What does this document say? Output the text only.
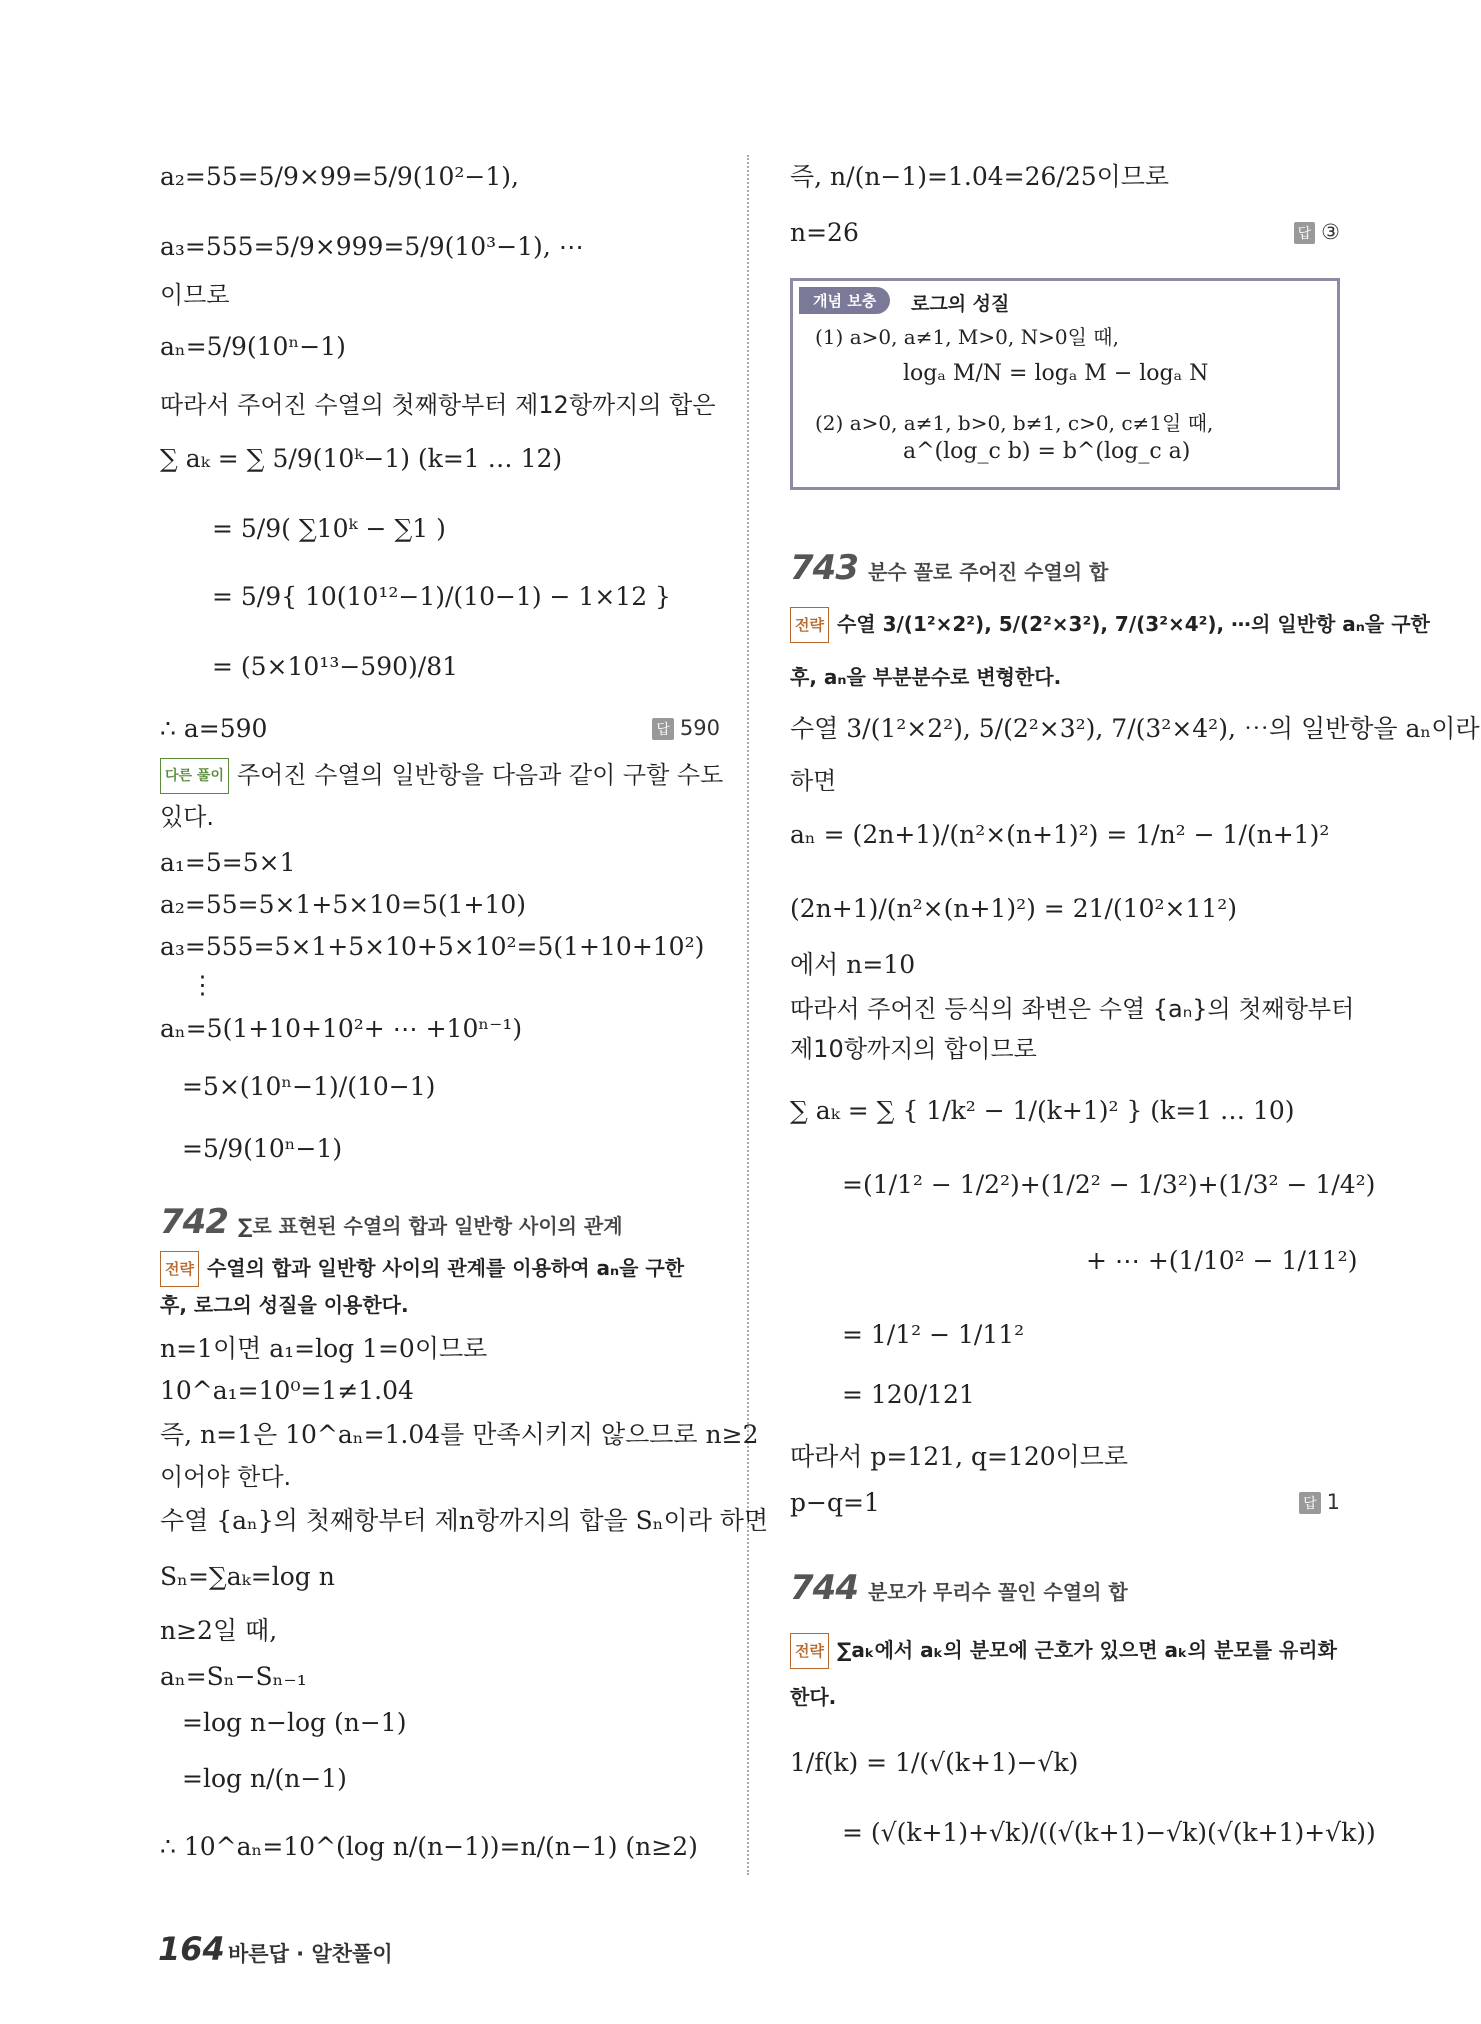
a₂=55=5/9×99=5/9(10²−1),
a₃=555=5/9×999=5/9(10³−1), ⋯
이므로
aₙ=5/9(10ⁿ−1)
따라서 주어진 수열의 첫째항부터 제12항까지의 합은
∑ aₖ = ∑ 5/9(10ᵏ−1) (k=1 … 12)
= 5/9( ∑10ᵏ − ∑1 )
= 5/9{ 10(10¹²−1)/(10−1) − 1×12 }
= (5×10¹³−590)/81
∴ a=590	답 590
다른 풀이 주어진 수열의 일반항을 다음과 같이 구할 수도
있다.
a₁=5=5×1
a₂=55=5×1+5×10=5(1+10)
a₃=555=5×1+5×10+5×10²=5(1+10+10²)
⋮
aₙ=5(1+10+10²+ ⋯ +10ⁿ⁻¹)
=5×(10ⁿ−1)/(10−1)
=5/9(10ⁿ−1)
742 ∑로 표현된 수열의 합과 일반항 사이의 관계
전략 수열의 합과 일반항 사이의 관계를 이용하여 aₙ을 구한
후, 로그의 성질을 이용한다.
n=1이면 a₁=log 1=0이므로
10^a₁=10⁰=1≠1.04
즉, n=1은 10^aₙ=1.04를 만족시키지 않으므로 n≥2
이어야 한다.
수열 {aₙ}의 첫째항부터 제n항까지의 합을 Sₙ이라 하면
Sₙ=∑aₖ=log n
n≥2일 때,
aₙ=Sₙ−Sₙ₋₁
=log n−log (n−1)
=log n/(n−1)
∴ 10^aₙ=10^(log n/(n−1))=n/(n−1) (n≥2)
즉, n/(n−1)=1.04=26/25이므로
n=26	답 ③
개념 보충	로그의 성질
(1) a>0, a≠1, M>0, N>0일 때,
logₐ M/N = logₐ M − logₐ N
(2) a>0, a≠1, b>0, b≠1, c>0, c≠1일 때,
a^(log_c b) = b^(log_c a)
743 분수 꼴로 주어진 수열의 합
전략 수열 3/(1²×2²), 5/(2²×3²), 7/(3²×4²), ⋯의 일반항 aₙ을 구한
후, aₙ을 부분분수로 변형한다.
수열 3/(1²×2²), 5/(2²×3²), 7/(3²×4²), ⋯의 일반항을 aₙ이라
하면
aₙ = (2n+1)/(n²×(n+1)²) = 1/n² − 1/(n+1)²
(2n+1)/(n²×(n+1)²) = 21/(10²×11²)
에서 n=10
따라서 주어진 등식의 좌변은 수열 {aₙ}의 첫째항부터
제10항까지의 합이므로
∑ aₖ = ∑ { 1/k² − 1/(k+1)² } (k=1 … 10)
=(1/1² − 1/2²)+(1/2² − 1/3²)+(1/3² − 1/4²)
+ ⋯ +(1/10² − 1/11²)
= 1/1² − 1/11²
= 120/121
따라서 p=121, q=120이므로
p−q=1	답 1
744 분모가 무리수 꼴인 수열의 합
전략 ∑aₖ에서 aₖ의 분모에 근호가 있으면 aₖ의 분모를 유리화
한다.
1/f(k) = 1/(√(k+1)−√k)
= (√(k+1)+√k)/((√(k+1)−√k)(√(k+1)+√k))
164 바른답 · 알찬풀이
